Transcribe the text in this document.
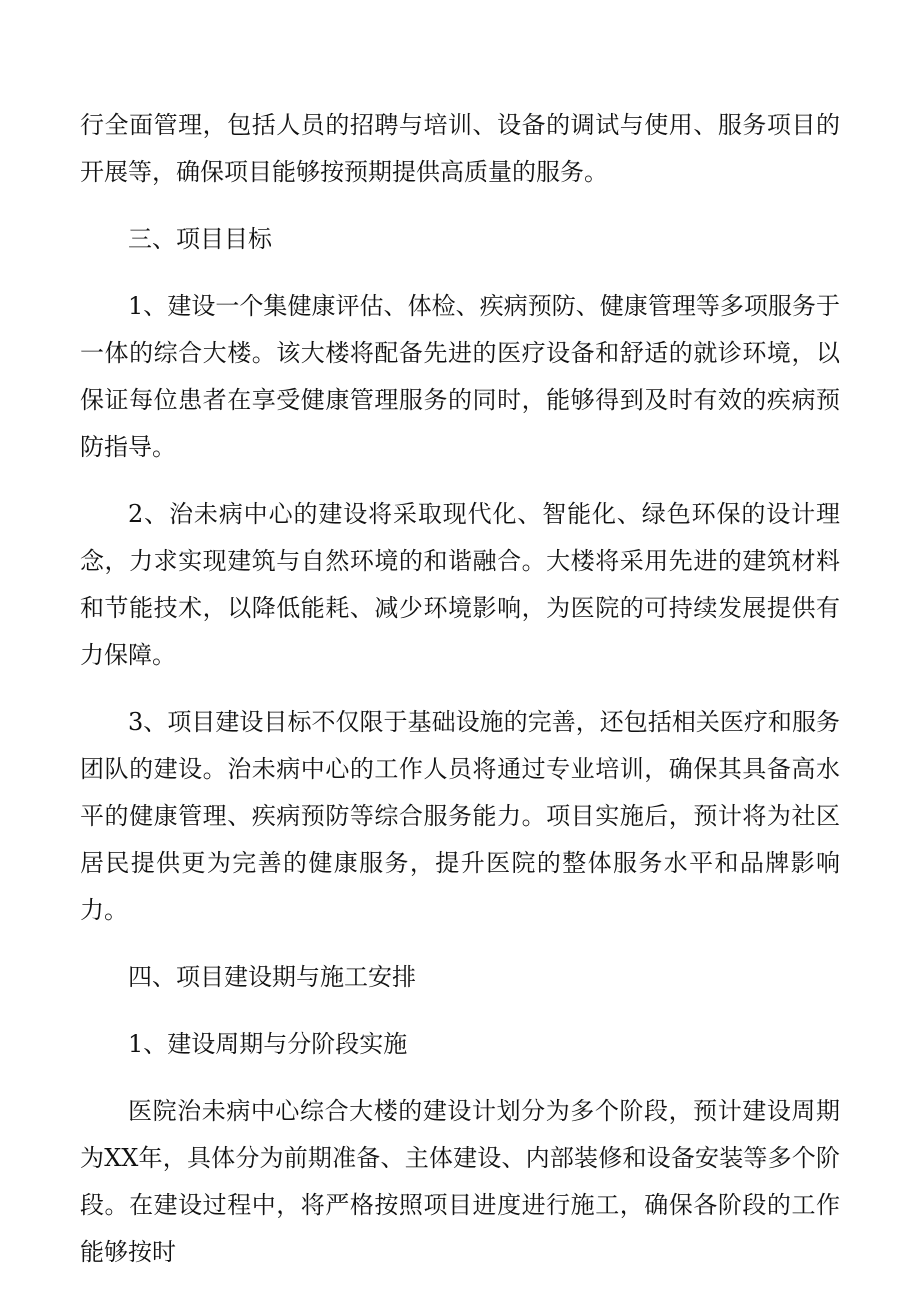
行全面管理，包括人员的招聘与培训、设备的调试与使用、服务项目的开展等，确保项目能够按预期提供高质量的服务。

三、项目目标

1、建设一个集健康评估、体检、疾病预防、健康管理等多项服务于一体的综合大楼。该大楼将配备先进的医疗设备和舒适的就诊环境，以保证每位患者在享受健康管理服务的同时，能够得到及时有效的疾病预防指导。

2、治未病中心的建设将采取现代化、智能化、绿色环保的设计理念，力求实现建筑与自然环境的和谐融合。大楼将采用先进的建筑材料和节能技术，以降低能耗、减少环境影响，为医院的可持续发展提供有力保障。

3、项目建设目标不仅限于基础设施的完善，还包括相关医疗和服务团队的建设。治未病中心的工作人员将通过专业培训，确保其具备高水平的健康管理、疾病预防等综合服务能力。项目实施后，预计将为社区居民提供更为完善的健康服务，提升医院的整体服务水平和品牌影响力。

四、项目建设期与施工安排

1、建设周期与分阶段实施

医院治未病中心综合大楼的建设计划分为多个阶段，预计建设周期为XX年，具体分为前期准备、主体建设、内部装修和设备安装等多个阶段。在建设过程中，将严格按照项目进度进行施工，确保各阶段的工作能够按时
